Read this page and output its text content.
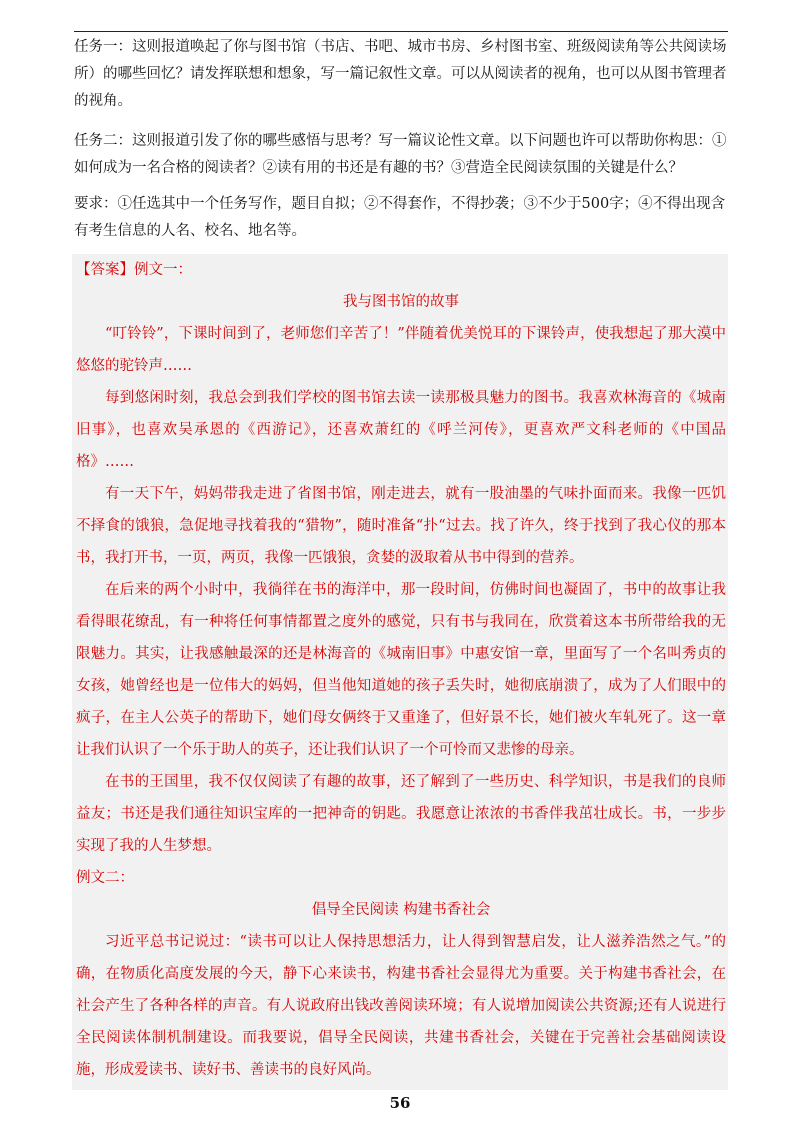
任务一：这则报道唤起了你与图书馆（书店、书吧、城市书房、乡村图书室、班级阅读角等公共阅读场所）的哪些回忆？请发挥联想和想象，写一篇记叙性文章。可以从阅读者的视角，也可以从图书管理者的视角。

任务二：这则报道引发了你的哪些感悟与思考？写一篇议论性文章。以下问题也许可以帮助你构思：①如何成为一名合格的阅读者？②读有用的书还是有趣的书？③营造全民阅读氛围的关键是什么？

要求：①任选其中一个任务写作，题目自拟；②不得套作，不得抄袭；③不少于500字；④不得出现含有考生信息的人名、校名、地名等。

【答案】例文一：

我与图书馆的故事

“叮铃铃”，下课时间到了，老师您们辛苦了！”伴随着优美悦耳的下课铃声，使我想起了那大漠中悠悠的驼铃声……

每到悠闲时刻，我总会到我们学校的图书馆去读一读那极具魅力的图书。我喜欢林海音的《城南旧事》，也喜欢吴承恩的《西游记》，还喜欢萧红的《呼兰河传》，更喜欢严文科老师的《中国品格》……

有一天下午，妈妈带我走进了省图书馆，刚走进去，就有一股油墨的气味扑面而来。我像一匹饥不择食的饿狼，急促地寻找着我的“猎物”，随时准备“扑“过去。找了许久，终于找到了我心仪的那本书，我打开书，一页，两页，我像一匹饿狼，贪婪的汲取着从书中得到的营养。

在后来的两个小时中，我徜徉在书的海洋中，那一段时间，仿佛时间也凝固了，书中的故事让我看得眼花缭乱，有一种将任何事情都置之度外的感觉，只有书与我同在，欣赏着这本书所带给我的无限魅力。其实，让我感触最深的还是林海音的《城南旧事》中惠安馆一章，里面写了一个名叫秀贞的女孩，她曾经也是一位伟大的妈妈，但当他知道她的孩子丢失时，她彻底崩溃了，成为了人们眼中的疯子，在主人公英子的帮助下，她们母女俩终于又重逢了，但好景不长，她们被火车轧死了。这一章让我们认识了一个乐于助人的英子，还让我们认识了一个可怜而又悲惨的母亲。

在书的王国里，我不仅仅阅读了有趣的故事，还了解到了一些历史、科学知识，书是我们的良师益友；书还是我们通往知识宝库的一把神奇的钥匙。我愿意让浓浓的书香伴我茁壮成长。书，一步步实现了我的人生梦想。

例文二：

倡导全民阅读 构建书香社会

习近平总书记说过：“读书可以让人保持思想活力，让人得到智慧启发，让人滋养浩然之气。”的确，在物质化高度发展的今天，静下心来读书，构建书香社会显得尤为重要。关于构建书香社会，在社会产生了各种各样的声音。有人说政府出钱改善阅读环境；有人说增加阅读公共资源;还有人说进行全民阅读体制机制建设。而我要说，倡导全民阅读，共建书香社会，关键在于完善社会基础阅读设施，形成爱读书、读好书、善读书的良好风尚。

56
